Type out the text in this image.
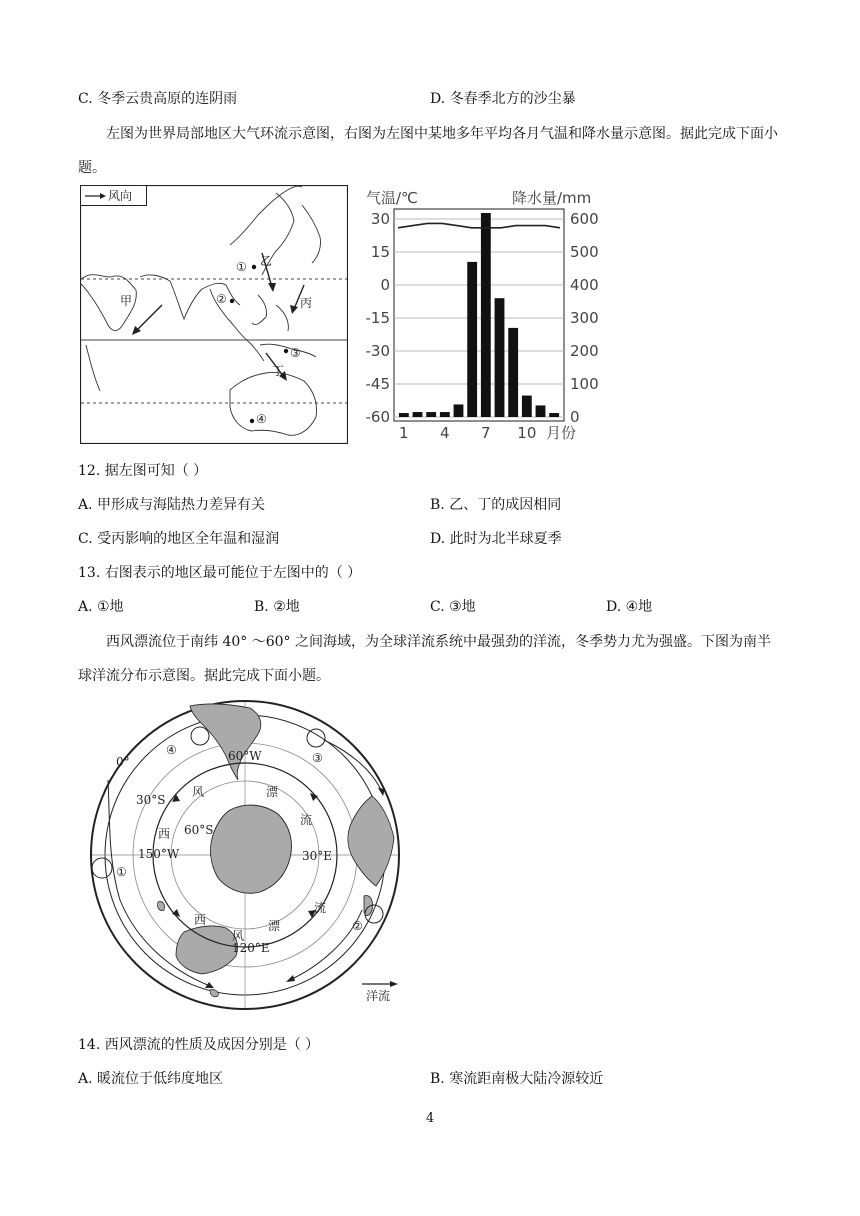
C. 冬季云贵高原的连阴雨	D. 冬春季北方的沙尘暴
左图为世界局部地区大气环流示意图，右图为左图中某地多年平均各月气温和降水量示意图。据此完成下面小题。
风向
① 乙
②	丙
甲
③
丁
④
气温/℃	降水量/mm
30
15
0
-15
-30
-45
-60
600
500
400
300
200
100
0
1 4 7 10 月份
12. 据左图可知（ ）
A. 甲形成与海陆热力差异有关	B. 乙、丁的成因相同
C. 受丙影响的地区全年温和湿润	D. 此时为北半球夏季
13. 右图表示的地区最可能位于左图中的（ ）
A. ①地	B. ②地	C. ③地	D. ④地
西风漂流位于南纬 40° ～60° 之间海域，为全球洋流系统中最强劲的洋流，冬季势力尤为强盛。下图为南半球洋流分布示意图。据此完成下面小题。
0°
30°S
60°S
150°W
60°W
30°E
120°E
①
②
③
④
西
风	漂
流
西
风
漂
流
洋流
14. 西风漂流的性质及成因分别是（ ）
A. 暖流位于低纬度地区	B. 寒流距南极大陆冷源较近
4
